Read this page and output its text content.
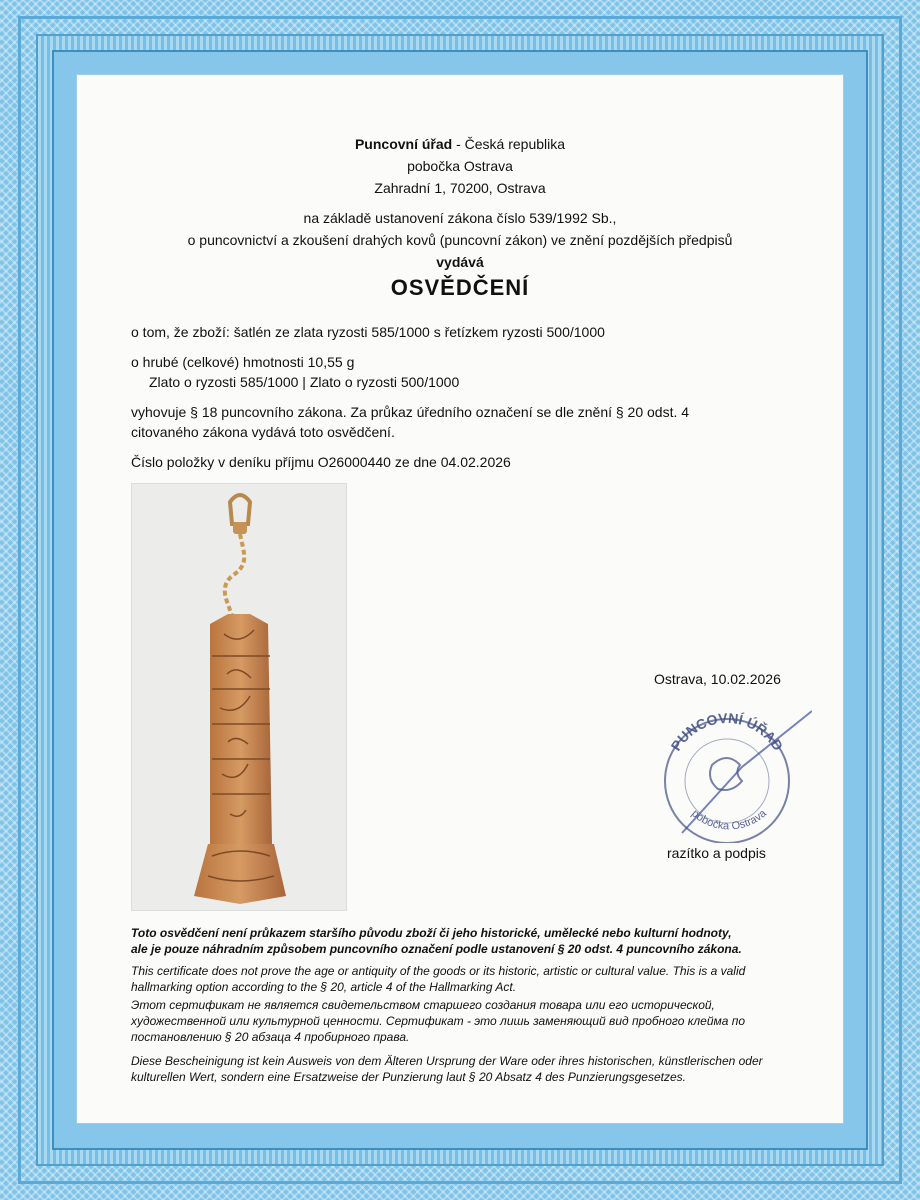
Puncovní úřad - Česká republika
pobočka Ostrava
Zahradní 1, 70200, Ostrava
na základě ustanovení zákona číslo 539/1992 Sb.,
o puncovnictví a zkoušení drahých kovů (puncovní zákon) ve znění pozdějších předpisů
vydává
OSVĚDČENÍ
o tom, že zboží: šatlén ze zlata ryzosti 585/1000 s řetízkem ryzosti 500/1000
o hrubé (celkové) hmotnosti 10,55 g
Zlato o ryzosti 585/1000 | Zlato o ryzosti 500/1000
vyhovuje § 18 puncovního zákona. Za průkaz úředního označení se dle znění § 20 odst. 4
citovaného zákona vydává toto osvědčení.
Číslo položky v deníku příjmu O26000440 ze dne 04.02.2026
Ostrava, 10.02.2026
PUNCOVNÍ ÚŘAD
pobočka Ostrava
razítko a podpis
Toto osvědčení není průkazem staršího původu zboží či jeho historické, umělecké nebo kulturní hodnoty,
ale je pouze náhradním způsobem puncovního označení podle ustanovení § 20 odst. 4 puncovního zákona.
This certificate does not prove the age or antiquity of the goods or its historic, artistic or cultural value. This is a valid hallmarking option according to the § 20, article 4 of the Hallmarking Act.
Этот сертификат не является свидетельством старшего создания товара или его исторической, художественной или культурной ценности. Сертификат - это лишь заменяющий вид пробного клейма по постановлению § 20 абзаца 4 пробирного права.
Diese Bescheinigung ist kein Ausweis von dem Älteren Ursprung der Ware oder ihres historischen, künstlerischen oder kulturellen Wert, sondern eine Ersatzweise der Punzierung laut § 20 Absatz 4 des Punzierungsgesetzes.
